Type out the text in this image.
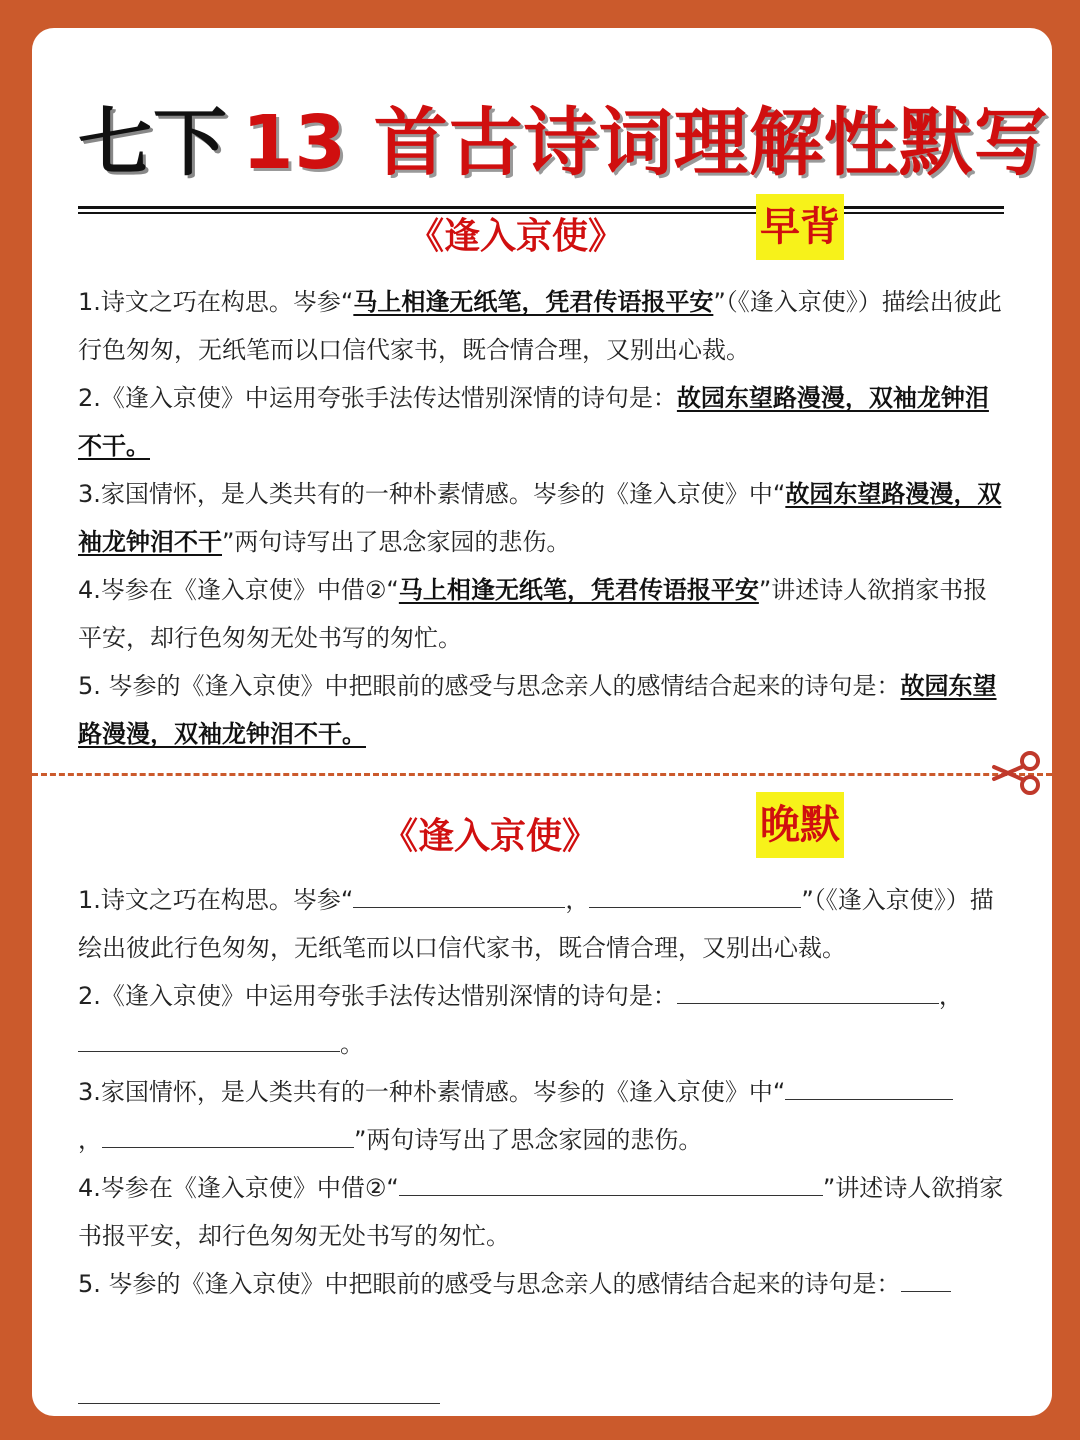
七下 13 首古诗词理解性默写
《逢入京使》	早背

1.诗文之巧在构思。岑参“马上相逢无纸笔，凭君传语报平安”（《逢入京使》）描绘出彼此行色匆匆，无纸笔而以口信代家书，既合情合理，又别出心裁。

2.《逢入京使》中运用夸张手法传达惜别深情的诗句是：故园东望路漫漫，双袖龙钟泪不干。

3.家国情怀，是人类共有的一种朴素情感。岑参的《逢入京使》中“故园东望路漫漫，双袖龙钟泪不干”两句诗写出了思念家园的悲伤。

4.岑参在《逢入京使》中借②“马上相逢无纸笔，凭君传语报平安”讲述诗人欲捎家书报平安，却行色匆匆无处书写的匆忙。

5. 岑参的《逢入京使》中把眼前的感受与思念亲人的感情结合起来的诗句是：故园东望路漫漫，双袖龙钟泪不干。

《逢入京使》	晚默

1.诗文之巧在构思。岑参“	，	”（《逢入京使》）描绘出彼此行色匆匆，无纸笔而以口信代家书，既合情合理，又别出心裁。

2.《逢入京使》中运用夸张手法传达惜别深情的诗句是：	，
。

3.家国情怀，是人类共有的一种朴素情感。岑参的《逢入京使》中“
，	”两句诗写出了思念家园的悲伤。

4.岑参在《逢入京使》中借②“	”讲述诗人欲捎家书报平安，却行色匆匆无处书写的匆忙。

5. 岑参的《逢入京使》中把眼前的感受与思念亲人的感情结合起来的诗句是：
